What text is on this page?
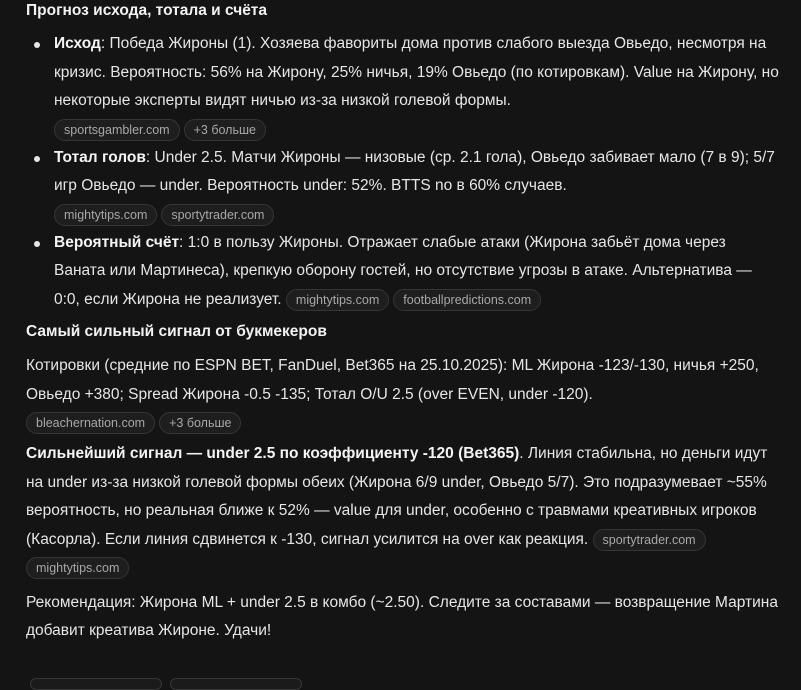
Прогноз исхода, тотала и счёта
Исход: Победа Жироны (1). Хозяева фавориты дома против слабого выезда Овьедо, несмотря на кризис. Вероятность: 56% на Жирону, 25% ничья, 19% Овьедо (по котировкам). Value на Жирону, но некоторые эксперты видят ничью из-за низкой голевой формы.
sportsgambler.com +3 больше
Тотал голов: Under 2.5. Матчи Жироны — низовые (ср. 2.1 гола), Овьедо забивает мало (7 в 9); 5/7 игр Овьедо — under. Вероятность under: 52%. BTTS no в 60% случаев.
mightytips.com sportytrader.com
Вероятный счёт: 1:0 в пользу Жироны. Отражает слабые атаки (Жирона забьёт дома через Ваната или Мартинеса), крепкую оборону гостей, но отсутствие угрозы в атаке. Альтернатива — 0:0, если Жирона не реализует. mightytips.com footballpredictions.com
Самый сильный сигнал от букмекеров

Котировки (средние по ESPN BET, FanDuel, Bet365 на 25.10.2025): ML Жирона -123/-130, ничья +250, Овьедо +380; Spread Жирона -0.5 -135; Тотал O/U 2.5 (over EVEN, under -120).
bleachernation.com +3 больше

Сильнейший сигнал — under 2.5 по коэффициенту -120 (Bet365). Линия стабильна, но деньги идут на under из-за низкой голевой формы обеих (Жирона 6/9 under, Овьедо 5/7). Это подразумевает ~55% вероятность, но реальная ближе к 52% — value для under, особенно с травмами креативных игроков (Касорла). Если линия сдвинется к -130, сигнал усилится на over как реакция. sportytrader.commightytips.com

Рекомендация: Жирона ML + under 2.5 в комбо (~2.50). Следите за составами — возвращение Мартина добавит креатива Жироне. Удачи!
